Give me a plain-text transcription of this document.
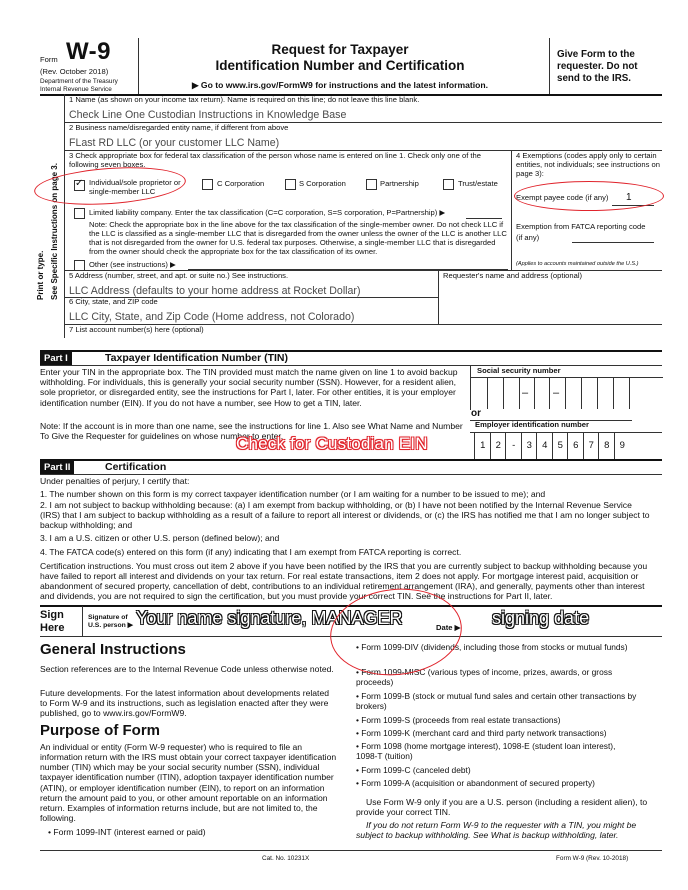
Form W-9
(Rev. October 2018)
Department of the Treasury
Internal Revenue Service
Request for Taxpayer
Identification Number and Certification
▶ Go to www.irs.gov/FormW9 for instructions and the latest information.
Give Form to the requester. Do not send to the IRS.
Print or type. See Specific Instructions on page 3.
1 Name (as shown on your income tax return). Name is required on this line; do not leave this line blank.
Check Line One Custodian Instructions in Knowledge Base
2 Business name/disregarded entity name, if different from above
FLast RD LLC (or your customer LLC Name)
3 Check appropriate box for federal tax classification of the person whose name is entered on line 1. Check only one of the following seven boxes.
✓
Individual/sole proprietor or single-member LLC
C Corporation	S Corporation	Partnership	Trust/estate
Limited liability company. Enter the tax classification (C=C corporation, S=S corporation, P=Partnership) ▶
Note: Check the appropriate box in the line above for the tax classification of the single-member owner. Do not check LLC if the LLC is classified as a single-member LLC that is disregarded from the owner unless the owner of the LLC is another LLC that is not disregarded from the owner for U.S. federal tax purposes. Otherwise, a single-member LLC that is disregarded from the owner should check the appropriate box for the tax classification of its owner.
Other (see instructions) ▶
4 Exemptions (codes apply only to certain entities, not individuals; see instructions on page 3):
Exempt payee code (if any) 1
Exemption from FATCA reporting code (if any)
(Applies to accounts maintained outside the U.S.)
5 Address (number, street, and apt. or suite no.) See instructions.	Requester's name and address (optional)
LLC Address (defaults to your home address at Rocket Dollar)
6 City, state, and ZIP code
LLC City, State, and Zip Code (Home address, not Colorado)
7 List account number(s) here (optional)
Part I	Taxpayer Identification Number (TIN)
Enter your TIN in the appropriate box. The TIN provided must match the name given on line 1 to avoid backup withholding. For individuals, this is generally your social security number (SSN). However, for a resident alien, sole proprietor, or disregarded entity, see the instructions for Part I, later. For other entities, it is your employer identification number (EIN). If you do not have a number, see How to get a TIN, later.
Note: If the account is in more than one name, see the instructions for line 1. Also see What Name and Number To Give the Requester for guidelines on whose number to enter.
Social security number
– –
or
Employer identification number
1	2	-	3	4	5	6	7	8	9
Check for Custodian EIN
Part II	Certification
Under penalties of perjury, I certify that:
1. The number shown on this form is my correct taxpayer identification number (or I am waiting for a number to be issued to me); and
2. I am not subject to backup withholding because: (a) I am exempt from backup withholding, or (b) I have not been notified by the Internal Revenue Service (IRS) that I am subject to backup withholding as a result of a failure to report all interest or dividends, or (c) the IRS has notified me that I am no longer subject to backup withholding; and
3. I am a U.S. citizen or other U.S. person (defined below); and
4. The FATCA code(s) entered on this form (if any) indicating that I am exempt from FATCA reporting is correct.
Certification instructions. You must cross out item 2 above if you have been notified by the IRS that you are currently subject to backup withholding because you have failed to report all interest and dividends on your tax return. For real estate transactions, item 2 does not apply. For mortgage interest paid, acquisition or abandonment of secured property, cancellation of debt, contributions to an individual retirement arrangement (IRA), and generally, payments other than interest and dividends, you are not required to sign the certification, but you must provide your correct TIN. See the instructions for Part II, later.
Sign Here
Signature of U.S. person ▶	Date ▶
Your name signature, MANAGER	signing date
General Instructions
Section references are to the Internal Revenue Code unless otherwise noted.
Future developments. For the latest information about developments related to Form W-9 and its instructions, such as legislation enacted after they were published, go to www.irs.gov/FormW9.
Purpose of Form
An individual or entity (Form W-9 requester) who is required to file an information return with the IRS must obtain your correct taxpayer identification number (TIN) which may be your social security number (SSN), individual taxpayer identification number (ITIN), adoption taxpayer identification number (ATIN), or employer identification number (EIN), to report on an information return the amount paid to you, or other amount reportable on an information return. Examples of information returns include, but are not limited to, the following.
• Form 1099-INT (interest earned or paid)
• Form 1099-DIV (dividends, including those from stocks or mutual funds)
• Form 1099-MISC (various types of income, prizes, awards, or gross proceeds)
• Form 1099-B (stock or mutual fund sales and certain other transactions by brokers)
• Form 1099-S (proceeds from real estate transactions)
• Form 1099-K (merchant card and third party network transactions)
• Form 1098 (home mortgage interest), 1098-E (student loan interest), 1098-T (tuition)
• Form 1099-C (canceled debt)
• Form 1099-A (acquisition or abandonment of secured property)
Use Form W-9 only if you are a U.S. person (including a resident alien), to provide your correct TIN.
If you do not return Form W-9 to the requester with a TIN, you might be subject to backup withholding. See What is backup withholding, later.
Cat. No. 10231X	Form W-9 (Rev. 10-2018)
